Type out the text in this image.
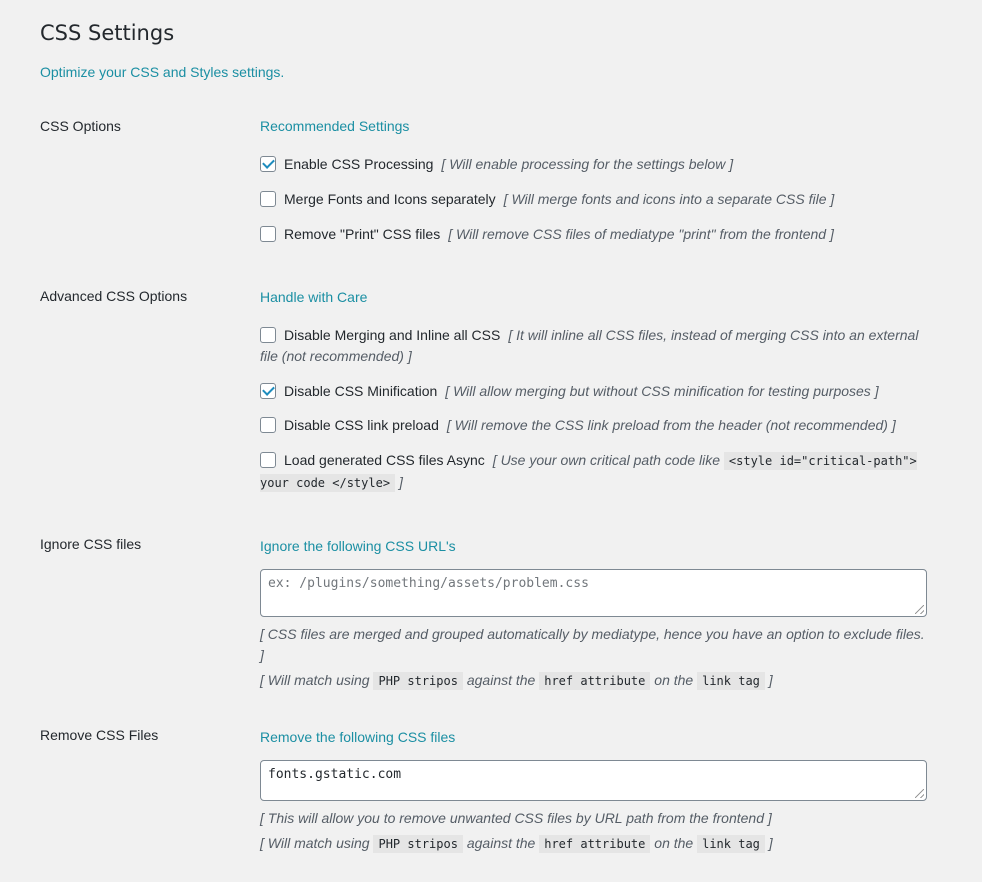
CSS Settings
Optimize your CSS and Styles settings.
CSS Options	Recommended Settings
Enable CSS Processing [ Will enable processing for the settings below ]
Merge Fonts and Icons separately [ Will merge fonts and icons into a separate CSS file ]
Remove "Print" CSS files [ Will remove CSS files of mediatype "print" from the frontend ]
Advanced CSS Options	Handle with Care
Disable Merging and Inline all CSS [ It will inline all CSS files, instead of merging CSS into an external file (not recommended) ]
Disable CSS Minification [ Will allow merging but without CSS minification for testing purposes ]
Disable CSS link preload [ Will remove the CSS link preload from the header (not recommended) ]
Load generated CSS files Async [ Use your own critical path code like <style id="critical-path"> your code </style> ]
Ignore CSS files	Ignore the following CSS URL's
ex: /plugins/something/assets/problem.css
[ CSS files are merged and grouped automatically by mediatype, hence you have an option to exclude files. ]
[ Will match using PHP stripos against the href attribute on the link tag ]
Remove CSS Files	Remove the following CSS files
fonts.gstatic.com
[ This will allow you to remove unwanted CSS files by URL path from the frontend ]
[ Will match using PHP stripos against the href attribute on the link tag ]
